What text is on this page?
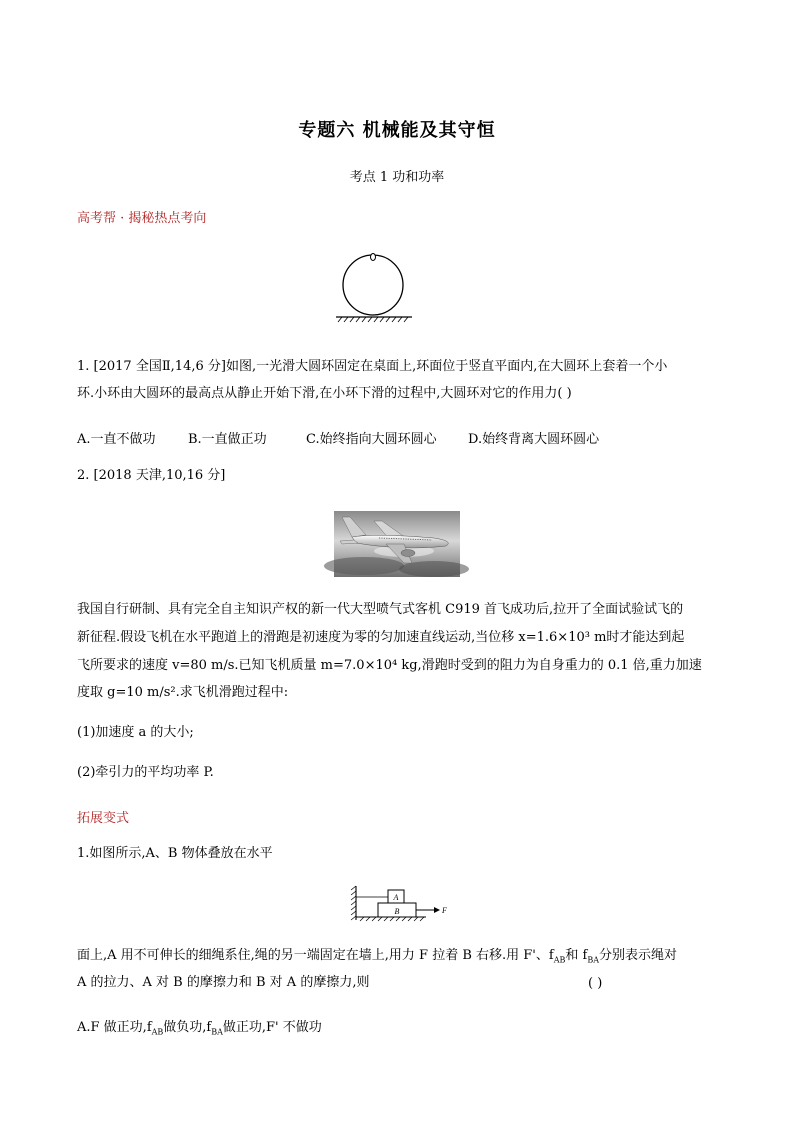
专题六 机械能及其守恒
考点 1 功和功率
高考帮 · 揭秘热点考向
1. [2017 全国Ⅱ,14,6 分]如图,一光滑大圆环固定在桌面上,环面位于竖直平面内,在大圆环上套着一个小
环.小环由大圆环的最高点从静止开始下滑,在小环下滑的过程中,大圆环对它的作用力( )
A.一直不做功 B.一直做正功	C.始终指向大圆环圆心 D.始终背离大圆环圆心
2. [2018 天津,10,16 分]
我国自行研制、具有完全自主知识产权的新一代大型喷气式客机 C919 首飞成功后,拉开了全面试验试飞的
新征程.假设飞机在水平跑道上的滑跑是初速度为零的匀加速直线运动,当位移 x=1.6×10³ m时才能达到起
飞所要求的速度 v=80 m/s.已知飞机质量 m=7.0×10⁴ kg,滑跑时受到的阻力为自身重力的 0.1 倍,重力加速
度取 g=10 m/s².求飞机滑跑过程中:
(1)加速度 a 的大小;
(2)牵引力的平均功率 P.
拓展变式
1.如图所示,A、B 物体叠放在水平
A
B	F
面上,A 用不可伸长的细绳系住,绳的另一端固定在墙上,用力 F 拉着 B 右移.用 F'、$f_{AB}$和 $f_{BA}$分别表示绳对
A 的拉力、A 对 B 的摩擦力和 B 对 A 的摩擦力,则	( )
A.F 做正功$,f_{AB}$做负功$,f_{BA}$做正功,F' 不做功
